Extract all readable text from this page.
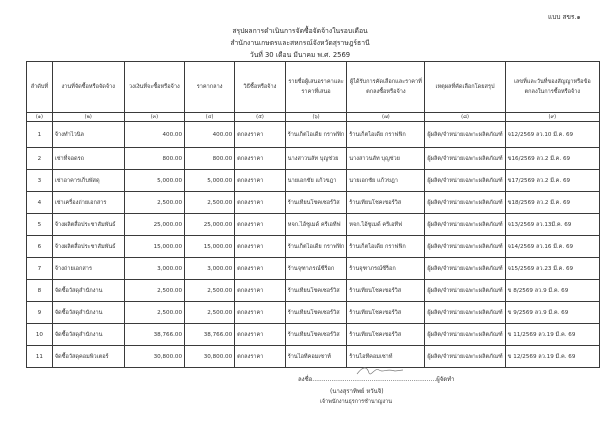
แบบ สขร.๑
สรุปผลการดำเนินการจัดซื้อจัดจ้างในรอบเดือน
สำนักงานเกษตรและสหกรณ์จังหวัดสุราษฎร์ธานี
วันที่ 30 เดือน มีนาคม พ.ศ. 2569
ลำดับที่	งานที่จัดซื้อหรือจัดจ้าง	วงเงินที่จะซื้อหรือจ้าง	ราคากลาง	วิธีซื้อหรือจ้าง	รายชื่อผู้เสนอราคาและราคาที่เสนอ	ผู้ได้รับการคัดเลือกและราคาที่ตกลงซื้อหรือจ้าง	เหตุผลที่คัดเลือกโดยสรุป	เลขที่และวันที่ของสัญญาหรือข้อตกลงในการซื้อหรือจ้าง
(๑)	(๒)	(๓)	(๔)	(๕)	(๖)	(๗)	(๘)	(๙)
1	จ้างทำไวนิล	400.00	400.00	ตกลงราคา	ร้านเก็ตไอเดีย กราฟฟิก	ร้านเก็ตไอเดีย กราฟฟิก	ผู้ผลิต/จำหน่ายเฉพาะผลิตภัณฑ์	จ12/2569 ลว.10 มี.ค. 69
2	เช่าที่จอดรถ	800.00	800.00	ตกลงราคา	นางสาวนลัท บุญช่วย	นางสาวนลัท บุญช่วย	ผู้ผลิต/จำหน่ายเฉพาะผลิตภัณฑ์	ข16/2569 ลว.2 มี.ค. 69
3	เช่าอาคารเก็บพัสดุ	5,000.00	5,000.00	ตกลงราคา	นายเอกชัย แก้วขฎา	นายเอกชัย แก้วขฎา	ผู้ผลิต/จำหน่ายเฉพาะผลิตภัณฑ์	ข17/2569 ลว.2 มี.ค. 69
4	เช่าเครื่องถ่ายเอกสาร	2,500.00	2,500.00	ตกลงราคา	ร้านเทียนโชคเซอร์วิส	ร้านเทียนโชคเซอร์วิส	ผู้ผลิต/จำหน่ายเฉพาะผลิตภัณฑ์	ข18/2569 ลว.2 มี.ค. 69
5	จ้างผลิตสื่อประชาสัมพันธ์	25,000.00	25,000.00	ตกลงราคา	หจก.ไอ้ซูเมด์ ครีเอทีฟ	หจก.ไอ้ซูเมด์ ครีเอทีฟ	ผู้ผลิต/จำหน่ายเฉพาะผลิตภัณฑ์	จ13/2569 ลว.13มี.ค. 69
6	จ้างผลิตสื่อประชาสัมพันธ์	15,000.00	15,000.00	ตกลงราคา	ร้านเก็ตไอเดีย กราฟฟิก	ร้านเก็ตไอเดีย กราฟฟิก	ผู้ผลิต/จำหน่ายเฉพาะผลิตภัณฑ์	จ14/2569 ลว.16 มี.ค. 69
7	จ้างถ่ายเอกสาร	3,000.00	3,000.00	ตกลงราคา	ร้านจุฑาภรณ์ซีร็อก	ร้านจุฑาภรณ์ซีร็อก	ผู้ผลิต/จำหน่ายเฉพาะผลิตภัณฑ์	จ15/2569 ลว.23 มี.ค. 69
8	จัดซื้อวัสดุสำนักงาน	2,500.00	2,500.00	ตกลงราคา	ร้านเทียนโชคเซอร์วิส	ร้านเทียนโชคเซอร์วิส	ผู้ผลิต/จำหน่ายเฉพาะผลิตภัณฑ์	ข 8/2569 ลว.9 มี.ค. 69
9	จัดซื้อวัสดุสำนักงาน	2,500.00	2,500.00	ตกลงราคา	ร้านเทียนโชคเซอร์วิส	ร้านเทียนโชคเซอร์วิส	ผู้ผลิต/จำหน่ายเฉพาะผลิตภัณฑ์	ข 9/2569 ลว.9 มี.ค. 69
10	จัดซื้อวัสดุสำนักงาน	38,766.00	38,766.00	ตกลงราคา	ร้านเทียนโชคเซอร์วิส	ร้านเทียนโชคเซอร์วิส	ผู้ผลิต/จำหน่ายเฉพาะผลิตภัณฑ์	ข 11/2569 ลว.19 มี.ค. 69
11	จัดซื้อวัสดุคอมพิวเตอร์	30,800.00	30,800.00	ตกลงราคา	ร้านไอทีคอมเซาท์	ร้านไอทีคอมเซาท์	ผู้ผลิต/จำหน่ายเฉพาะผลิตภัณฑ์	ข 12/2569 ลว.19 มี.ค. 69
ลงชื่อ.................................................................ผู้จัดทำ
(นางสุราทิพย์ หวันจิ)
เจ้าพนักงานธุรการชำนาญงาน
